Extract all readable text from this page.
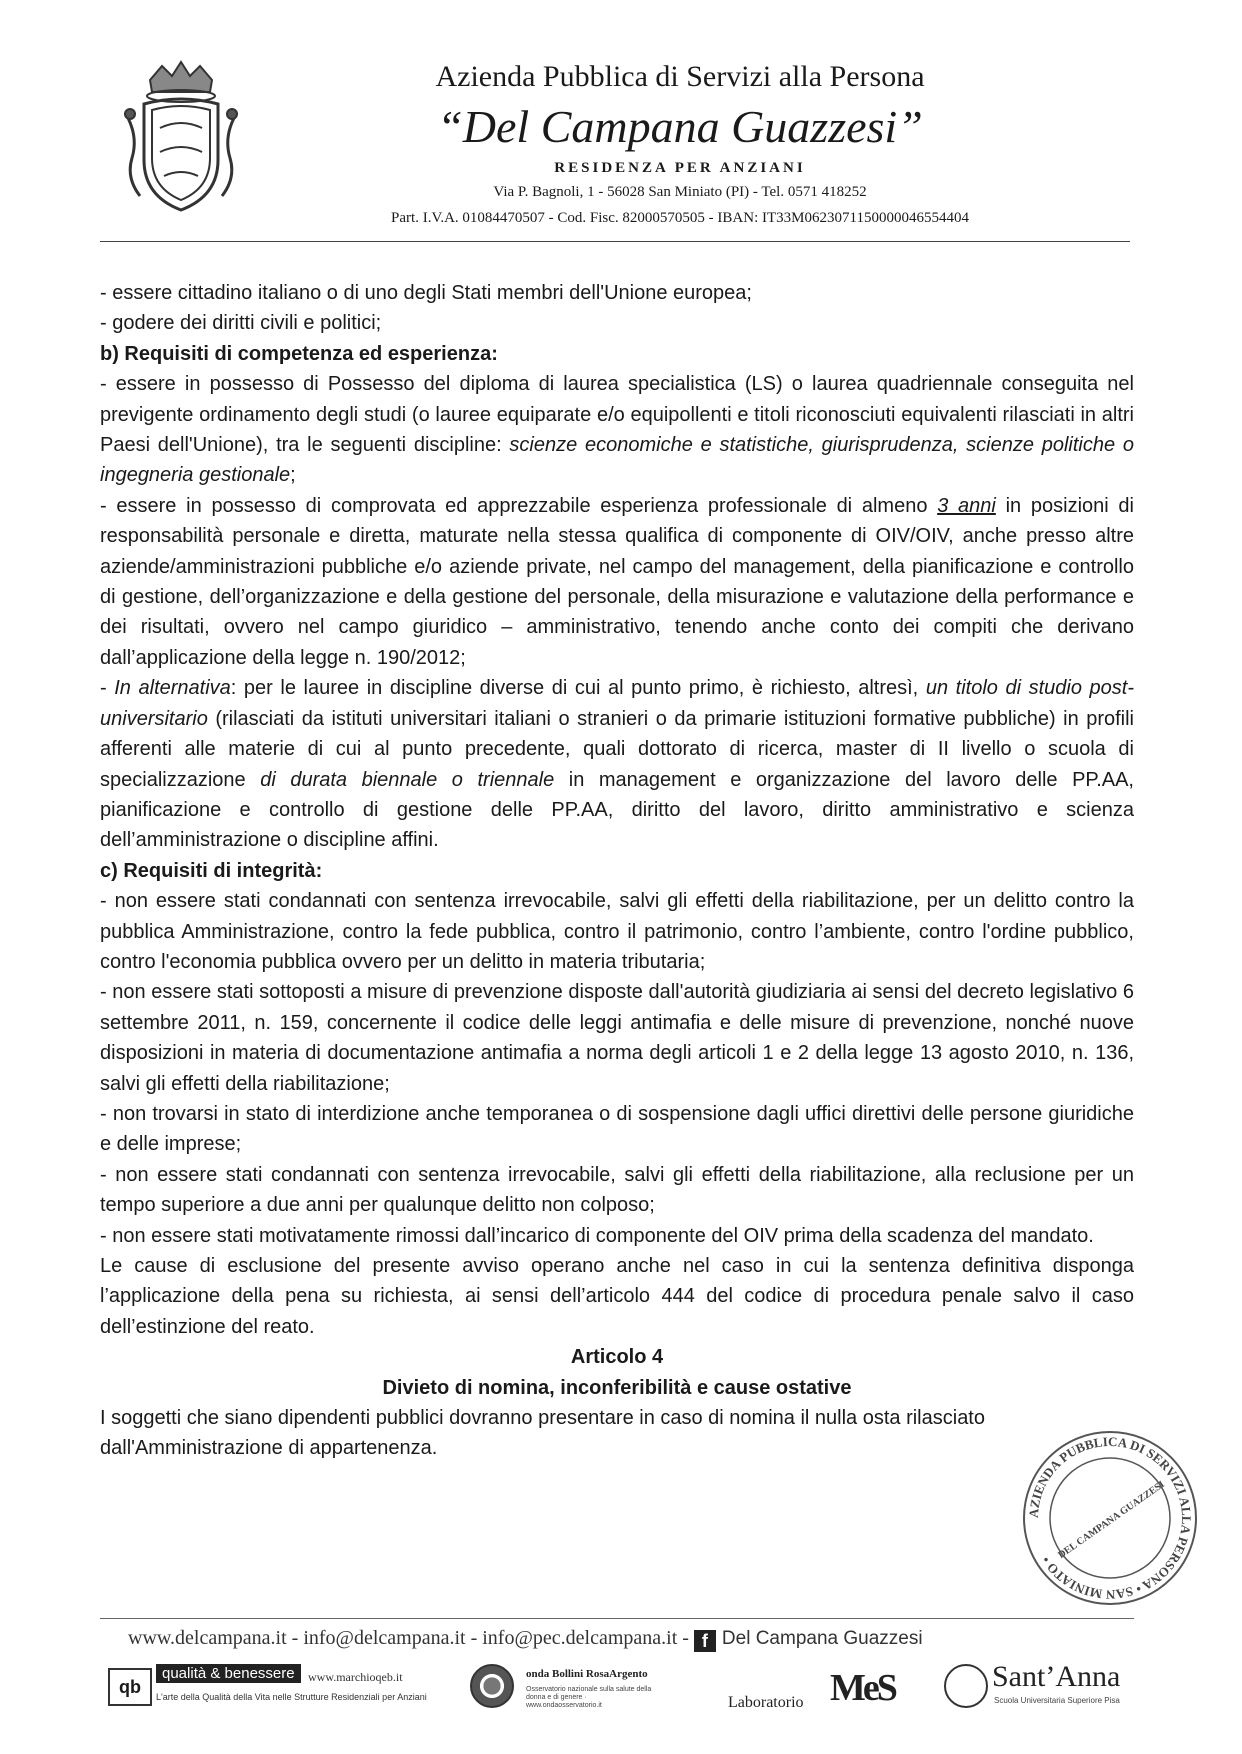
Azienda Pubblica di Servizi alla Persona
“Del Campana Guazzesi”
RESIDENZA PER ANZIANI
Via P. Bagnoli, 1 - 56028 San Miniato (PI) - Tel. 0571 418252
Part. I.V.A. 01084470507 - Cod. Fisc. 82000570505 - IBAN: IT33M0623071150000046554404

- essere cittadino italiano o di uno degli Stati membri dell'Unione europea;

- godere dei diritti civili e politici;

b) Requisiti di competenza ed esperienza:

- essere in possesso di Possesso del diploma di laurea specialistica (LS) o laurea quadriennale conseguita nel previgente ordinamento degli studi (o lauree equiparate e/o equipollenti e titoli riconosciuti equivalenti rilasciati in altri Paesi dell'Unione), tra le seguenti discipline: scienze economiche e statistiche, giurisprudenza, scienze politiche o ingegneria gestionale;

- essere in possesso di comprovata ed apprezzabile esperienza professionale di almeno 3 anni in posizioni di responsabilità personale e diretta, maturate nella stessa qualifica di componente di OIV/OIV, anche presso altre aziende/amministrazioni pubbliche e/o aziende private, nel campo del management, della pianificazione e controllo di gestione, dell’organizzazione e della gestione del personale, della misurazione e valutazione della performance e dei risultati, ovvero nel campo giuridico – amministrativo, tenendo anche conto dei compiti che derivano dall’applicazione della legge n. 190/2012;

- In alternativa: per le lauree in discipline diverse di cui al punto primo, è richiesto, altresì, un titolo di studio post-universitario (rilasciati da istituti universitari italiani o stranieri o da primarie istituzioni formative pubbliche) in profili afferenti alle materie di cui al punto precedente, quali dottorato di ricerca, master di II livello o scuola di specializzazione di durata biennale o triennale in management e organizzazione del lavoro delle PP.AA, pianificazione e controllo di gestione delle PP.AA, diritto del lavoro, diritto amministrativo e scienza dell’amministrazione o discipline affini.

c) Requisiti di integrità:

- non essere stati condannati con sentenza irrevocabile, salvi gli effetti della riabilitazione, per un delitto contro la pubblica Amministrazione, contro la fede pubblica, contro il patrimonio, contro l’ambiente, contro l'ordine pubblico, contro l'economia pubblica ovvero per un delitto in materia tributaria;

- non essere stati sottoposti a misure di prevenzione disposte dall'autorità giudiziaria ai sensi del decreto legislativo 6 settembre 2011, n. 159, concernente il codice delle leggi antimafia e delle misure di prevenzione, nonché nuove disposizioni in materia di documentazione antimafia a norma degli articoli 1 e 2 della legge 13 agosto 2010, n. 136, salvi gli effetti della riabilitazione;

- non trovarsi in stato di interdizione anche temporanea o di sospensione dagli uffici direttivi delle persone giuridiche e delle imprese;

- non essere stati condannati con sentenza irrevocabile, salvi gli effetti della riabilitazione, alla reclusione per un tempo superiore a due anni per qualunque delitto non colposo;

- non essere stati motivatamente rimossi dall’incarico di componente del OIV prima della scadenza del mandato.

Le cause di esclusione del presente avviso operano anche nel caso in cui la sentenza definitiva disponga l’applicazione della pena su richiesta, ai sensi dell’articolo 444 del codice di procedura penale salvo il caso dell’estinzione del reato.

Articolo 4

Divieto di nomina, inconferibilità e cause ostative

I soggetti che siano dipendenti pubblici dovranno presentare in caso di nomina il nulla osta rilasciato
dall'Amministrazione di appartenenza.

AZIENDA PUBBLICA DI SERVIZI ALLA PERSONA • SAN MINIATO • DEL CAMPANA GUAZZESI
www.delcampana.it - info@delcampana.it - info@pec.delcampana.it - f Del Campana Guazzesi
qb
qualità & benessere
L'arte della Qualità della Vita nelle Strutture Residenziali per Anziani
www.marchioqeb.it	onda Bollini RosaArgento
Osservatorio nazionale sulla salute della donna e di genere · www.ondaosservatorio.it	Laboratorio MeS	Sant’Anna
Scuola Universitaria Superiore Pisa
